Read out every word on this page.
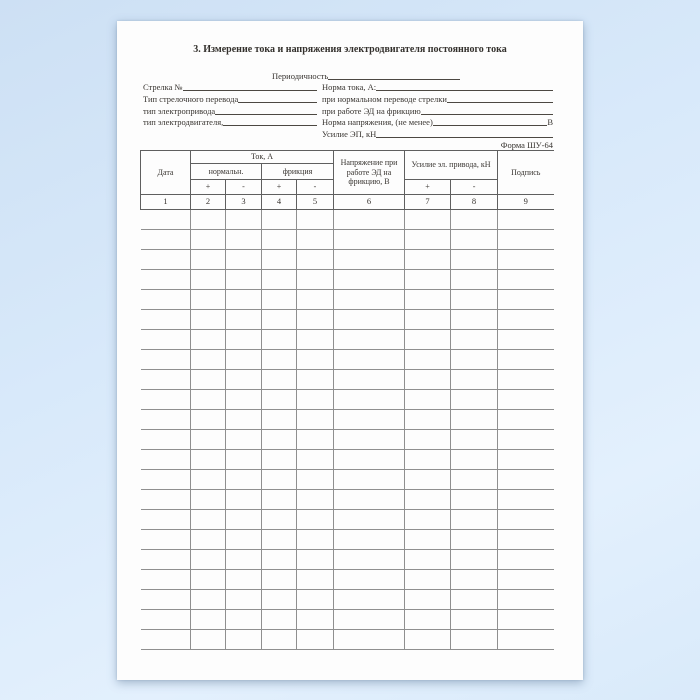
3. Измерение тока и напряжения электродвигателя постоянного тока
Периодичность
Стрелка №	Норма тока, А:
Тип стрелочного перевода	при нормальном переводе стрелки
тип электропривода	при работе ЭД на фрикцию
тип электродвигателя,	Норма напряжения, (не менее)	В
Усилие ЭП, кН
Форма ШУ-64
Дата	Ток, А				Напряжение при работе ЭД на фрикцию, В	Усилие эл. привода, кН		Подпись
	нормальн.		фрикция					
	+	-	+	-		+	-	
1	2	3	4	5	6	7	8	9
